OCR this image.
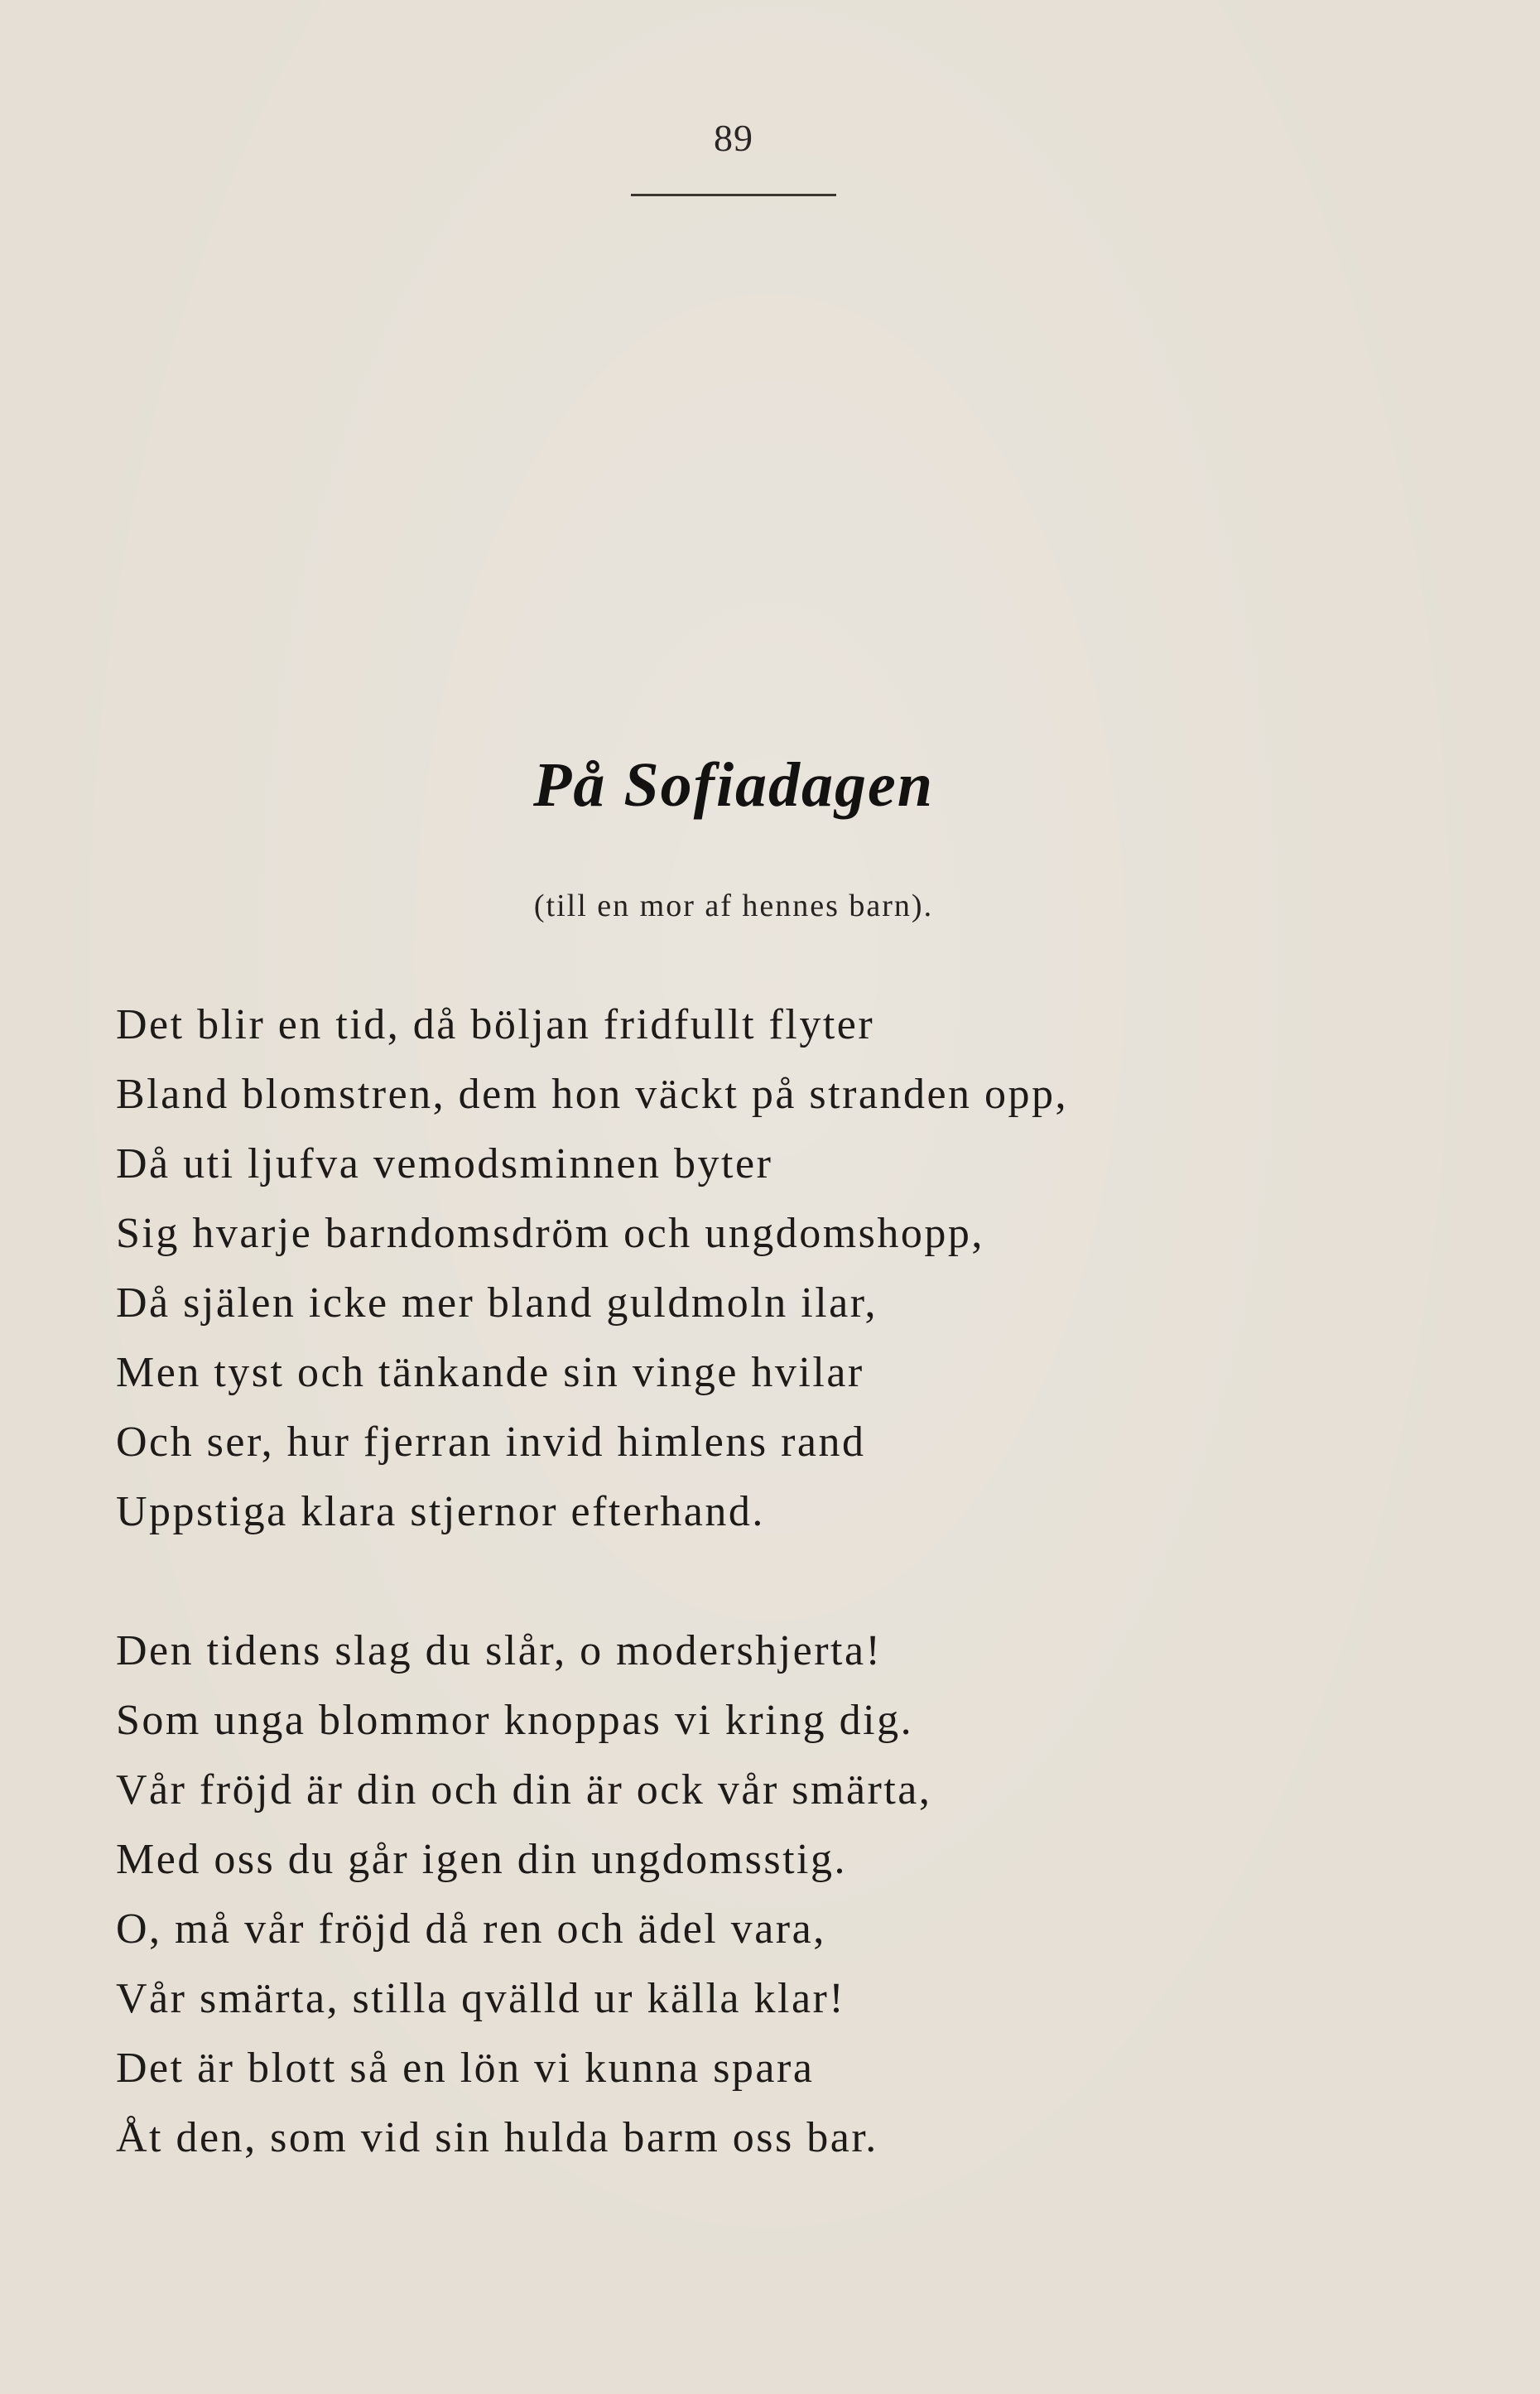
89
På Sofiadagen
(till en mor af hennes barn).
Det blir en tid, då böljan fridfullt flyter
Bland blomstren, dem hon väckt på stranden opp,
Då uti ljufva vemodsminnen byter
Sig hvarje barndomsdröm och ungdomshopp,
Då själen icke mer bland guldmoln ilar,
Men tyst och tänkande sin vinge hvilar
Och ser, hur fjerran invid himlens rand
Uppstiga klara stjernor efterhand.
Den tidens slag du slår, o modershjerta!
Som unga blommor knoppas vi kring dig.
Vår fröjd är din och din är ock vår smärta,
Med oss du går igen din ungdomsstig.
O, må vår fröjd då ren och ädel vara,
Vår smärta, stilla qvälld ur källa klar!
Det är blott så en lön vi kunna spara
Åt den, som vid sin hulda barm oss bar.
